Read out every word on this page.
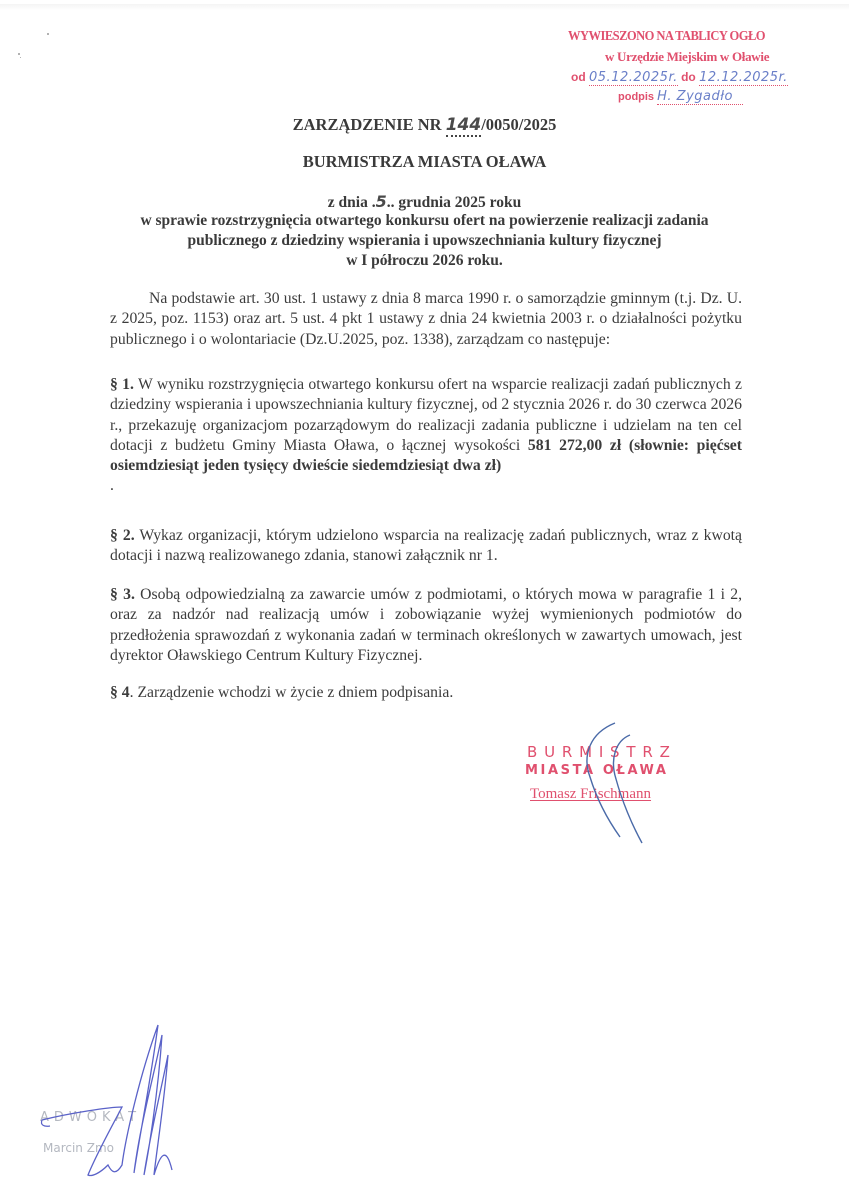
WYWIESZONO NA TABLICY OGŁO
w Urzędzie Miejskim w Oławie
od 05.12.2025r. do 12.12.2025r.
podpis H. Zygadło
ZARZĄDZENIE NR 144/0050/2025
BURMISTRZA MIASTA OŁAWA
z dnia .5.. grudnia 2025 roku
w sprawie rozstrzygnięcia otwartego konkursu ofert na powierzenie realizacji zadania
publicznego z dziedziny wspierania i upowszechniania kultury fizycznej
w I półroczu 2026 roku.
Na podstawie art. 30 ust. 1 ustawy z dnia 8 marca 1990 r. o samorządzie gminnym (t.j. Dz. U. z 2025, poz. 1153) oraz art. 5 ust. 4 pkt 1 ustawy z dnia 24 kwietnia 2003 r. o działalności pożytku publicznego i o wolontariacie (Dz.U.2025, poz. 1338), zarządzam co następuje:
§ 1. W wyniku rozstrzygnięcia otwartego konkursu ofert na wsparcie realizacji zadań publicznych z dziedziny wspierania i upowszechniania kultury fizycznej, od 2 stycznia 2026 r. do 30 czerwca 2026 r., przekazuję organizacjom pozarządowym do realizacji zadania publiczne i udzielam na ten cel dotacji z budżetu Gminy Miasta Oława, o łącznej wysokości 581 272,00 zł (słownie: pięćset osiemdziesiąt jeden tysięcy dwieście siedemdziesiąt dwa zł)
.
§ 2. Wykaz organizacji, którym udzielono wsparcia na realizację zadań publicznych, wraz z kwotą dotacji i nazwą realizowanego zdania, stanowi załącznik nr 1.
§ 3. Osobą odpowiedzialną za zawarcie umów z podmiotami, o których mowa w paragrafie 1 i 2, oraz za nadzór nad realizacją umów i zobowiązanie wyżej wymienionych podmiotów do przedłożenia sprawozdań z wykonania zadań w terminach określonych w zawartych umowach, jest dyrektor Oławskiego Centrum Kultury Fizycznej.
§ 4. Zarządzenie wchodzi w życie z dniem podpisania.
BURMISTRZ
MIASTA OŁAWA
Tomasz Frischmann
ADWOKAT
Marcin Zmo
